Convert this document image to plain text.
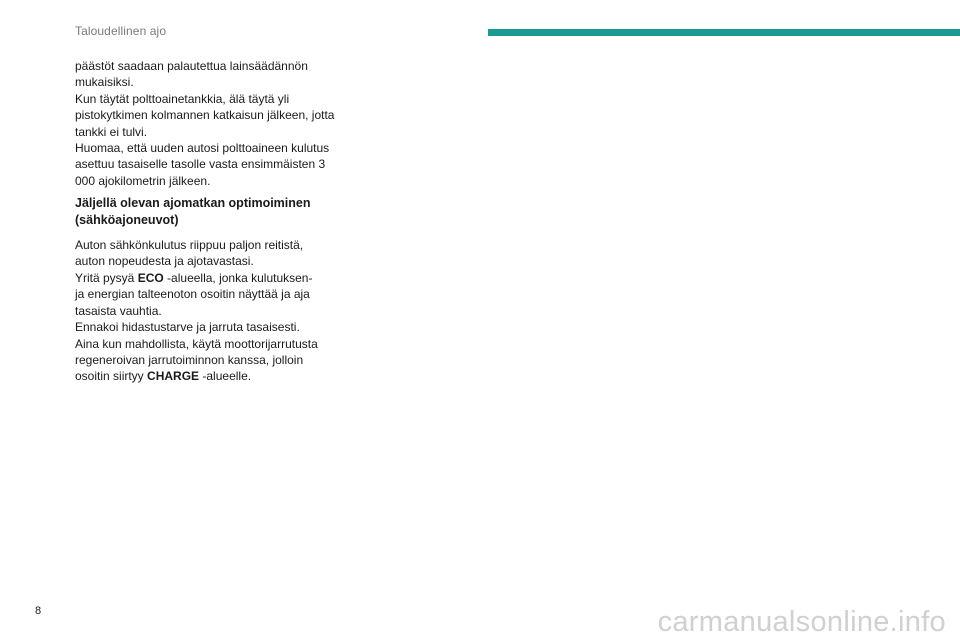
Taloudellinen ajo

päästöt saadaan palautettua lainsäädännön
mukaisiksi.
Kun täytät polttoainetankkia, älä täytä yli
pistokytkimen kolmannen katkaisun jälkeen, jotta
tankki ei tulvi.
Huomaa, että uuden autosi polttoaineen kulutus
asettuu tasaiselle tasolle vasta ensimmäisten 3
000 ajokilometrin jälkeen.

Jäljellä olevan ajomatkan optimoiminen
(sähköajoneuvot)

Auton sähkönkulutus riippuu paljon reitistä,
auton nopeudesta ja ajotavastasi.
Yritä pysyä ECO -alueella, jonka kulutuksen-
ja energian talteenoton osoitin näyttää ja aja
tasaista vauhtia.
Ennakoi hidastustarve ja jarruta tasaisesti.
Aina kun mahdollista, käytä moottorijarrutusta
regeneroivan jarrutoiminnon kanssa, jolloin
osoitin siirtyy CHARGE -alueelle.

8	carmanualsonline.info
